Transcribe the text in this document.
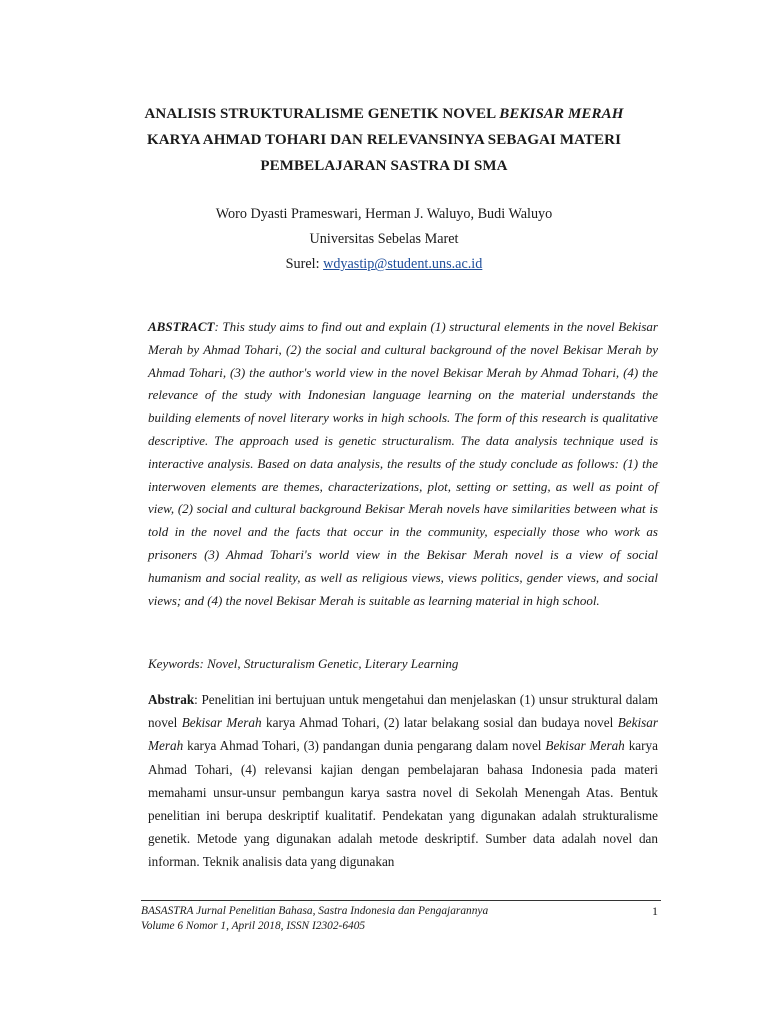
ANALISIS STRUKTURALISME GENETIK NOVEL BEKISAR MERAH
KARYA AHMAD TOHARI DAN RELEVANSINYA SEBAGAI MATERI
PEMBELAJARAN SASTRA DI SMA
Woro Dyasti Prameswari, Herman J. Waluyo, Budi Waluyo
Universitas Sebelas Maret
Surel: wdyastip@student.uns.ac.id
ABSTRACT: This study aims to find out and explain (1) structural elements in the novel Bekisar Merah by Ahmad Tohari, (2) the social and cultural background of the novel Bekisar Merah by Ahmad Tohari, (3) the author's world view in the novel Bekisar Merah by Ahmad Tohari, (4) the relevance of the study with Indonesian language learning on the material understands the building elements of novel literary works in high schools. The form of this research is qualitative descriptive. The approach used is genetic structuralism. The data analysis technique used is interactive analysis. Based on data analysis, the results of the study conclude as follows: (1) the interwoven elements are themes, characterizations, plot, setting or setting, as well as point of view, (2) social and cultural background Bekisar Merah novels have similarities between what is told in the novel and the facts that occur in the community, especially those who work as prisoners (3) Ahmad Tohari's world view in the Bekisar Merah novel is a view of social humanism and social reality, as well as religious views, views politics, gender views, and social views; and (4) the novel Bekisar Merah is suitable as learning material in high school.
Keywords: Novel, Structuralism Genetic, Literary Learning
Abstrak: Penelitian ini bertujuan untuk mengetahui dan menjelaskan (1) unsur struktural dalam novel Bekisar Merah karya Ahmad Tohari, (2) latar belakang sosial dan budaya novel Bekisar Merah karya Ahmad Tohari, (3) pandangan dunia pengarang dalam novel Bekisar Merah karya Ahmad Tohari, (4) relevansi kajian dengan pembelajaran bahasa Indonesia pada materi memahami unsur-unsur pembangun karya sastra novel di Sekolah Menengah Atas. Bentuk penelitian ini berupa deskriptif kualitatif. Pendekatan yang digunakan adalah strukturalisme genetik. Metode yang digunakan adalah metode deskriptif. Sumber data adalah novel dan informan. Teknik analisis data yang digunakan
BASASTRA Jurnal Penelitian Bahasa, Sastra Indonesia dan Pengajarannya
Volume 6 Nomor 1, April 2018, ISSN I2302-6405
1
